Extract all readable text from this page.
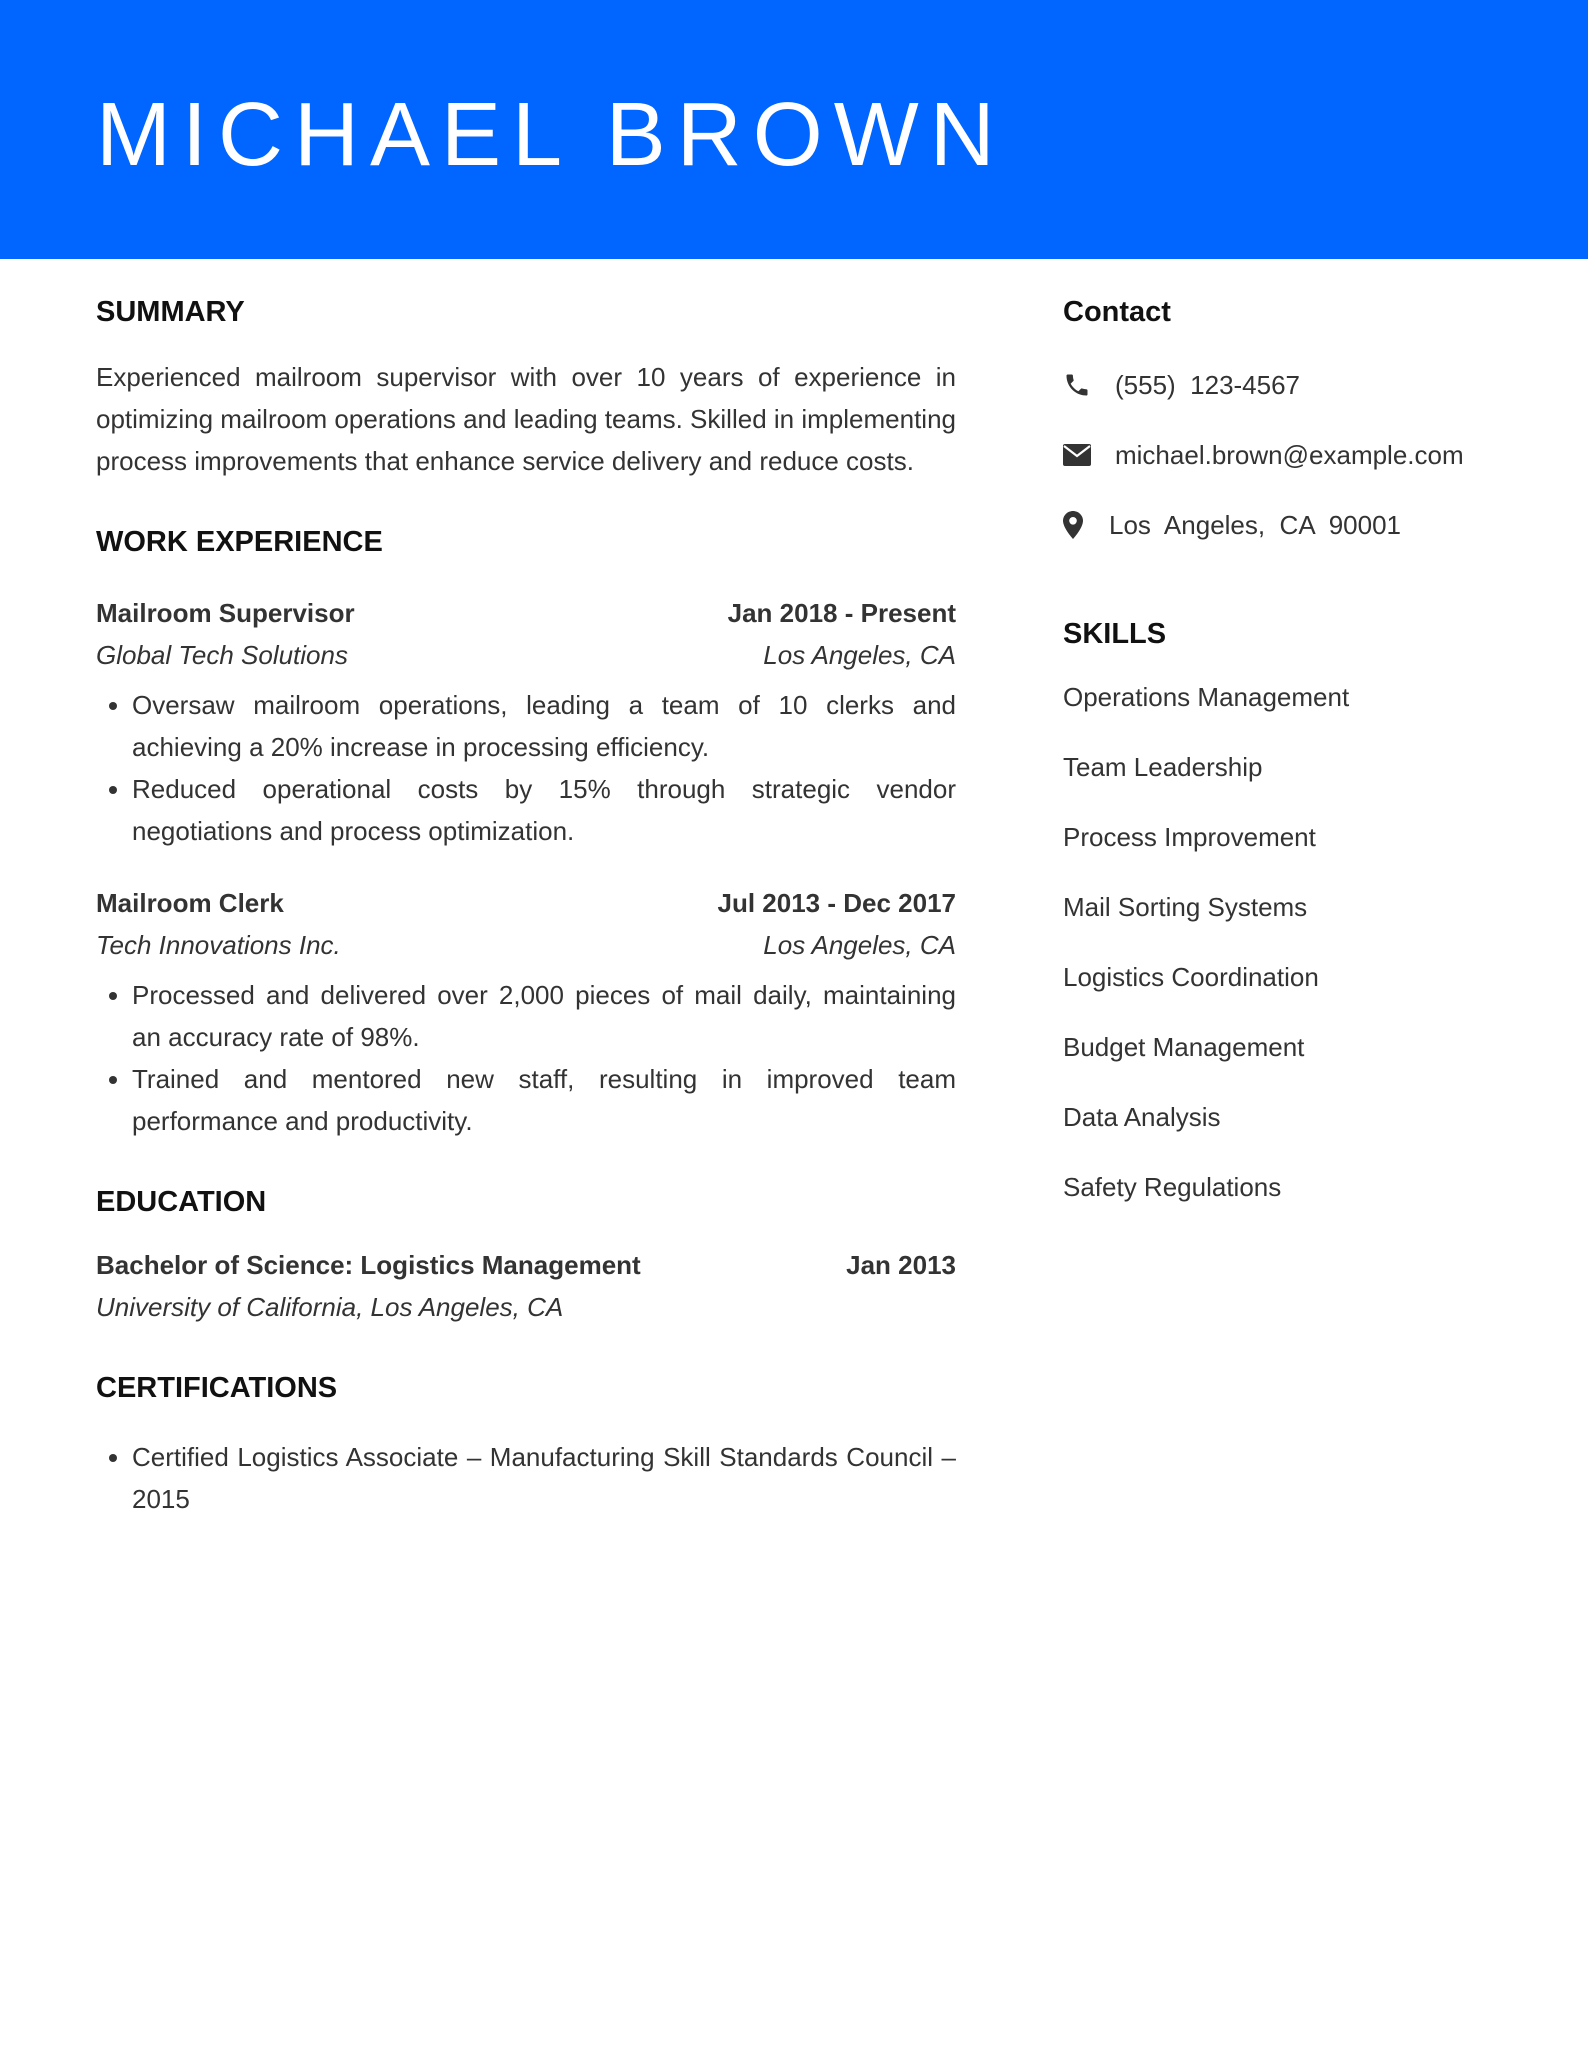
MICHAEL BROWN
SUMMARY

Experienced mailroom supervisor with over 10 years of experience in optimizing mailroom operations and leading teams. Skilled in implementing process improvements that enhance service delivery and reduce costs.

WORK EXPERIENCE
Mailroom Supervisor	Jan 2018 - Present
Global Tech Solutions	Los Angeles, CA
• Oversaw mailroom operations, leading a team of 10 clerks and achieving a 20% increase in processing efficiency.
• Reduced operational costs by 15% through strategic vendor negotiations and process optimization.
Mailroom Clerk	Jul 2013 - Dec 2017
Tech Innovations Inc.	Los Angeles, CA
• Processed and delivered over 2,000 pieces of mail daily, maintaining an accuracy rate of 98%.
• Trained and mentored new staff, resulting in improved team performance and productivity.
EDUCATION
Bachelor of Science: Logistics Management	Jan 2013
University of California, Los Angeles, CA
CERTIFICATIONS
• Certified Logistics Associate – Manufacturing Skill Standards Council – 2015
Contact
(555)  123-4567
michael.brown@example.com
Los  Angeles,  CA  90001
SKILLS
Operations Management
Team Leadership
Process Improvement
Mail Sorting Systems
Logistics Coordination
Budget Management
Data Analysis
Safety Regulations
